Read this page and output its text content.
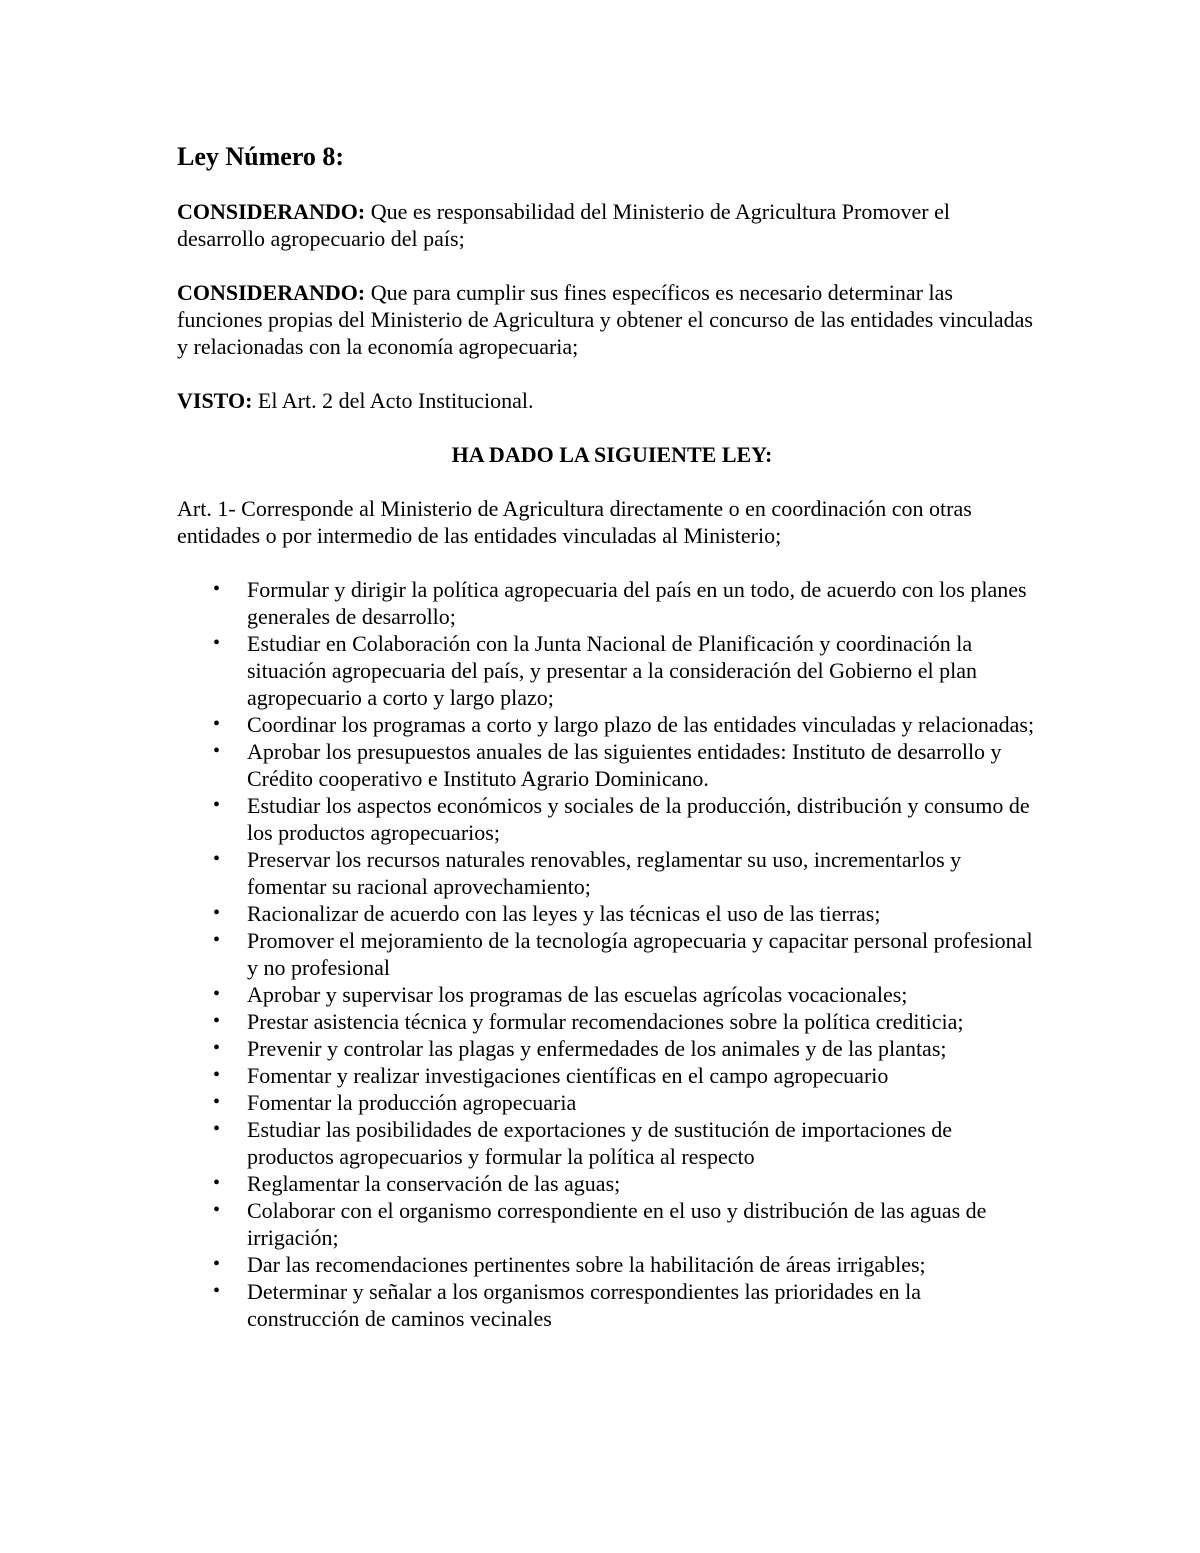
Ley Número 8:

CONSIDERANDO: Que es responsabilidad del Ministerio de Agricultura Promover el desarrollo agropecuario del país;

CONSIDERANDO: Que para cumplir sus fines específicos es necesario determinar las funciones propias del Ministerio de Agricultura y obtener el concurso de las entidades vinculadas y relacionadas con la economía agropecuaria;

VISTO: El Art. 2 del Acto Institucional.

HA DADO LA SIGUIENTE LEY:

Art. 1- Corresponde al Ministerio de Agricultura directamente o en coordinación con otras entidades o por intermedio de las entidades vinculadas al Ministerio;

• Formular y dirigir la política agropecuaria del país en un todo, de acuerdo con los planes generales de desarrollo;
• Estudiar en Colaboración con la Junta Nacional de Planificación y coordinación la situación agropecuaria del país, y presentar a la consideración del Gobierno el plan agropecuario a corto y largo plazo;
• Coordinar los programas a corto y largo plazo de las entidades vinculadas y relacionadas;
• Aprobar los presupuestos anuales de las siguientes entidades: Instituto de desarrollo y Crédito cooperativo e Instituto Agrario Dominicano.
• Estudiar los aspectos económicos y sociales de la producción, distribución y consumo de los productos agropecuarios;
• Preservar los recursos naturales renovables, reglamentar su uso, incrementarlos y fomentar su racional aprovechamiento;
• Racionalizar de acuerdo con las leyes y las técnicas el uso de las tierras;
• Promover el mejoramiento de la tecnología agropecuaria y capacitar personal profesional y no profesional
• Aprobar y supervisar los programas de las escuelas agrícolas vocacionales;
• Prestar asistencia técnica y formular recomendaciones sobre la política crediticia;
• Prevenir y controlar las plagas y enfermedades de los animales y de las plantas;
• Fomentar y realizar investigaciones científicas en el campo agropecuario
• Fomentar la producción agropecuaria
• Estudiar las posibilidades de exportaciones y de sustitución de importaciones de productos agropecuarios y formular la política al respecto
• Reglamentar la conservación de las aguas;
• Colaborar con el organismo correspondiente en el uso y distribución de las aguas de irrigación;
• Dar las recomendaciones pertinentes sobre la habilitación de áreas irrigables;
• Determinar y señalar a los organismos correspondientes las prioridades en la construcción de caminos vecinales
